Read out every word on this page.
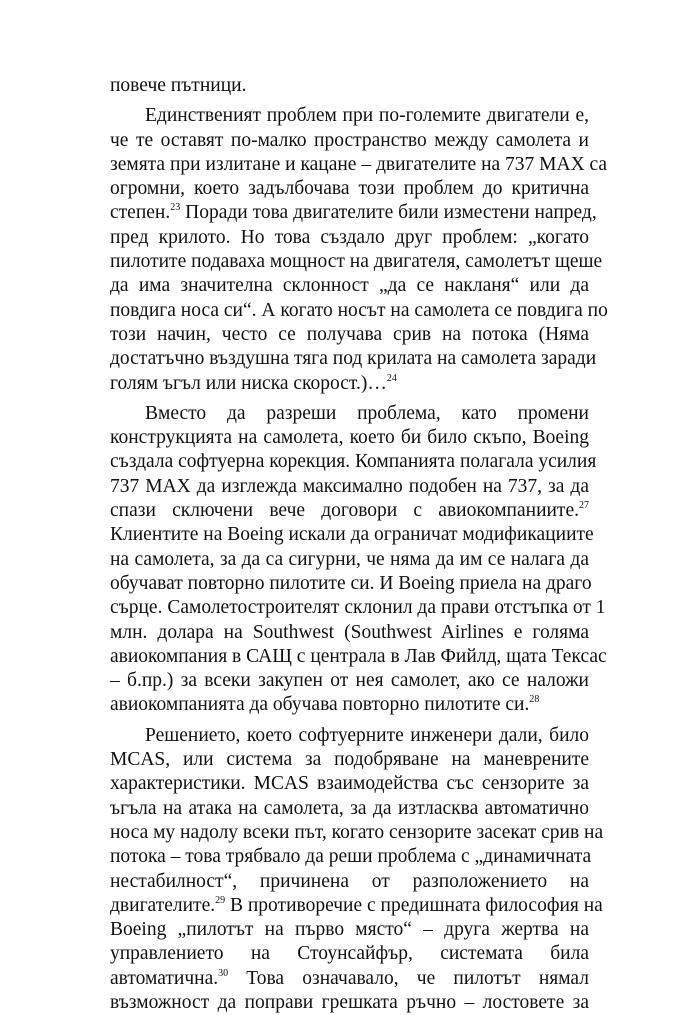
повече пътници.
Единственият проблем при по-големите двигатели е,
че те оставят по-малко пространство между самолета и
земята при излитане и кацане – двигателите на 737 MAX са
огромни, което задълбочава този проблем до критична
степен.$^{23}$ Поради това двигателите били изместени напред,
пред крилото. Но това създало друг проблем: „когато
пилотите подаваха мощност на двигателя, самолетът щеше
да има значителна склонност „да се накланя“ или да
повдига носа си“. А когато носът на самолета се повдига по
този начин, често се получава срив на потока (Няма
достатъчно въздушна тяга под крилата на самолета заради
голям ъгъл или ниска скорост.)…$^{24}$
Вместо да разреши проблема, като промени
конструкцията на самолета, което би било скъпо, Boeing
създала софтуерна корекция. Компанията полагала усилия
737 MAX да изглежда максимално подобен на 737, за да
спази сключени вече договори с авиокомпаниите.$^{27}$
Клиентите на Boeing искали да ограничат модификациите
на самолета, за да са сигурни, че няма да им се налага да
обучават повторно пилотите си. И Boeing приела на драго
сърце. Самолетостроителят склонил да прави отстъпка от 1
млн. долара на Southwest (Southwest Airlines е голяма
авиокомпания в САЩ с централа в Лав Фийлд, щата Тексас
– б.пр.) за всеки закупен от нея самолет, ако се наложи
авиокомпанията да обучава повторно пилотите си.$^{28}$
Решението, което софтуерните инженери дали, било
MCAS, или система за подобряване на маневрените
характеристики. MCAS взаимодейства със сензорите за
ъгъла на атака на самолета, за да изтласква автоматично
носа му надолу всеки път, когато сензорите засекат срив на
потока – това трябвало да реши проблема с „динамичната
нестабилност“, причинена от разположението на
двигателите.$^{29}$ В противоречие с предишната философия на
Boeing „пилотът на първо място“ – друга жертва на
управлението на Стоунсайфър, системата била
автоматична.$^{30}$ Това означавало, че пилотът нямал
възможност да поправи грешката ръчно – лостовете за
